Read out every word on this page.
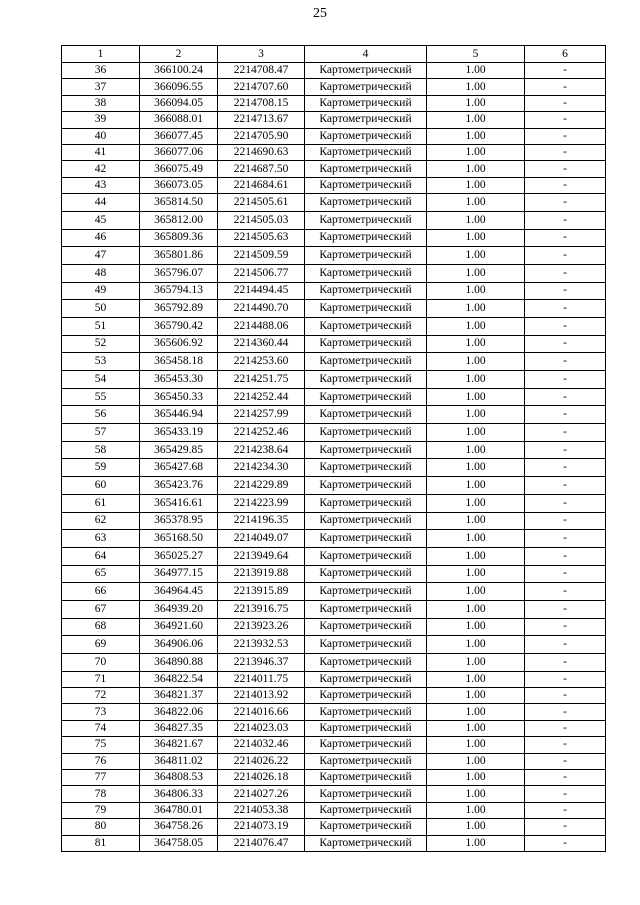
25
1	2	3	4	5	6
36	366100.24	2214708.47	Картометрический	1.00	-
37	366096.55	2214707.60	Картометрический	1.00	-
38	366094.05	2214708.15	Картометрический	1.00	-
39	366088.01	2214713.67	Картометрический	1.00	-
40	366077.45	2214705.90	Картометрический	1.00	-
41	366077.06	2214690.63	Картометрический	1.00	-
42	366075.49	2214687.50	Картометрический	1.00	-
43	366073.05	2214684.61	Картометрический	1.00	-
44	365814.50	2214505.61	Картометрический	1.00	-
45	365812.00	2214505.03	Картометрический	1.00	-
46	365809.36	2214505.63	Картометрический	1.00	-
47	365801.86	2214509.59	Картометрический	1.00	-
48	365796.07	2214506.77	Картометрический	1.00	-
49	365794.13	2214494.45	Картометрический	1.00	-
50	365792.89	2214490.70	Картометрический	1.00	-
51	365790.42	2214488.06	Картометрический	1.00	-
52	365606.92	2214360.44	Картометрический	1.00	-
53	365458.18	2214253.60	Картометрический	1.00	-
54	365453.30	2214251.75	Картометрический	1.00	-
55	365450.33	2214252.44	Картометрический	1.00	-
56	365446.94	2214257.99	Картометрический	1.00	-
57	365433.19	2214252.46	Картометрический	1.00	-
58	365429.85	2214238.64	Картометрический	1.00	-
59	365427.68	2214234.30	Картометрический	1.00	-
60	365423.76	2214229.89	Картометрический	1.00	-
61	365416.61	2214223.99	Картометрический	1.00	-
62	365378.95	2214196.35	Картометрический	1.00	-
63	365168.50	2214049.07	Картометрический	1.00	-
64	365025.27	2213949.64	Картометрический	1.00	-
65	364977.15	2213919.88	Картометрический	1.00	-
66	364964.45	2213915.89	Картометрический	1.00	-
67	364939.20	2213916.75	Картометрический	1.00	-
68	364921.60	2213923.26	Картометрический	1.00	-
69	364906.06	2213932.53	Картометрический	1.00	-
70	364890.88	2213946.37	Картометрический	1.00	-
71	364822.54	2214011.75	Картометрический	1.00	-
72	364821.37	2214013.92	Картометрический	1.00	-
73	364822.06	2214016.66	Картометрический	1.00	-
74	364827.35	2214023.03	Картометрический	1.00	-
75	364821.67	2214032.46	Картометрический	1.00	-
76	364811.02	2214026.22	Картометрический	1.00	-
77	364808.53	2214026.18	Картометрический	1.00	-
78	364806.33	2214027.26	Картометрический	1.00	-
79	364780.01	2214053.38	Картометрический	1.00	-
80	364758.26	2214073.19	Картометрический	1.00	-
81	364758.05	2214076.47	Картометрический	1.00	-
